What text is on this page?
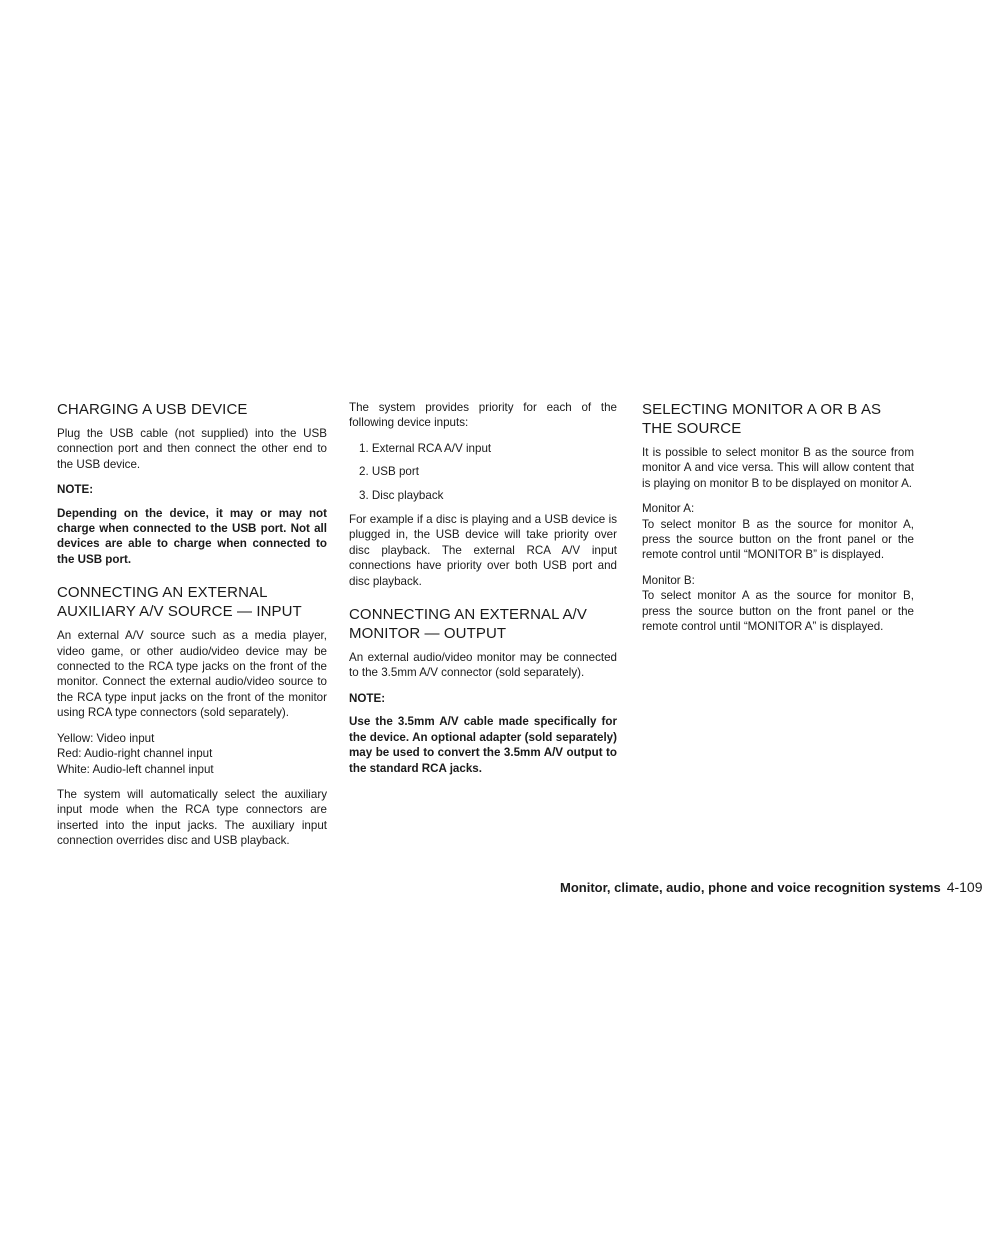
CHARGING A USB DEVICE

Plug the USB cable (not supplied) into the USB connection port and then connect the other end to the USB device.

NOTE:

Depending on the device, it may or may not charge when connected to the USB port. Not all devices are able to charge when connected to the USB port.

CONNECTING AN EXTERNAL AUXILIARY A/V SOURCE — INPUT

An external A/V source such as a media player, video game, or other audio/video device may be connected to the RCA type jacks on the front of the monitor. Connect the external audio/video source to the RCA type input jacks on the front of the monitor using RCA type connectors (sold separately).

Yellow: Video input
Red: Audio-right channel input
White: Audio-left channel input

The system will automatically select the auxiliary input mode when the RCA type connectors are inserted into the input jacks. The auxiliary input connection overrides disc and USB playback.

The system provides priority for each of the following device inputs:

1. External RCA A/V input
2. USB port
3. Disc playback

For example if a disc is playing and a USB device is plugged in, the USB device will take priority over disc playback. The external RCA A/V input connections have priority over both USB port and disc playback.

CONNECTING AN EXTERNAL A/V MONITOR — OUTPUT

An external audio/video monitor may be connected to the 3.5mm A/V connector (sold separately).

NOTE:

Use the 3.5mm A/V cable made specifically for the device. An optional adapter (sold separately) may be used to convert the 3.5mm A/V output to the standard RCA jacks.

SELECTING MONITOR A OR B AS THE SOURCE

It is possible to select monitor B as the source from monitor A and vice versa. This will allow content that is playing on monitor B to be displayed on monitor A.

Monitor A:
To select monitor B as the source for monitor A, press the source button on the front panel or the remote control until “MONITOR B” is displayed.

Monitor B:
To select monitor A as the source for monitor B, press the source button on the front panel or the remote control until “MONITOR A” is displayed.

Monitor, climate, audio, phone and voice recognition systems 4-109
